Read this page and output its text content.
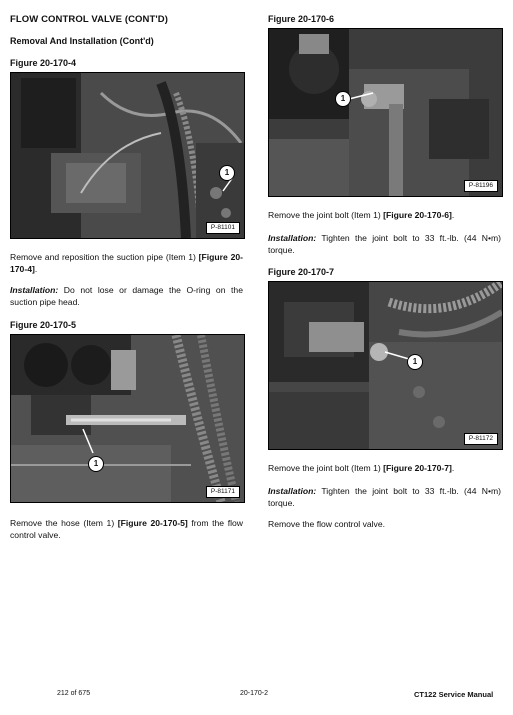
FLOW CONTROL VALVE (CONT'D)
Removal And Installation (Cont'd)
Figure 20-170-4
1
P-81101
Remove and reposition the suction pipe (Item 1) [Figure 20-170-4].
Installation: Do not lose or damage the O-ring on the suction pipe head.
Figure 20-170-5
1
P-81171
Remove the hose (Item 1) [Figure 20-170-5] from the flow control valve.
Figure 20-170-6
1
P-81196
Remove the joint bolt (Item 1) [Figure 20-170-6].
Installation: Tighten the joint bolt to 33 ft.-lb. (44 N•m) torque.
Figure 20-170-7
1
P-81172
Remove the joint bolt (Item 1) [Figure 20-170-7].
Installation: Tighten the joint bolt to 33 ft.-lb. (44 N•m) torque.
Remove the flow control valve.
212 of 675	20-170-2	CT122 Service Manual
